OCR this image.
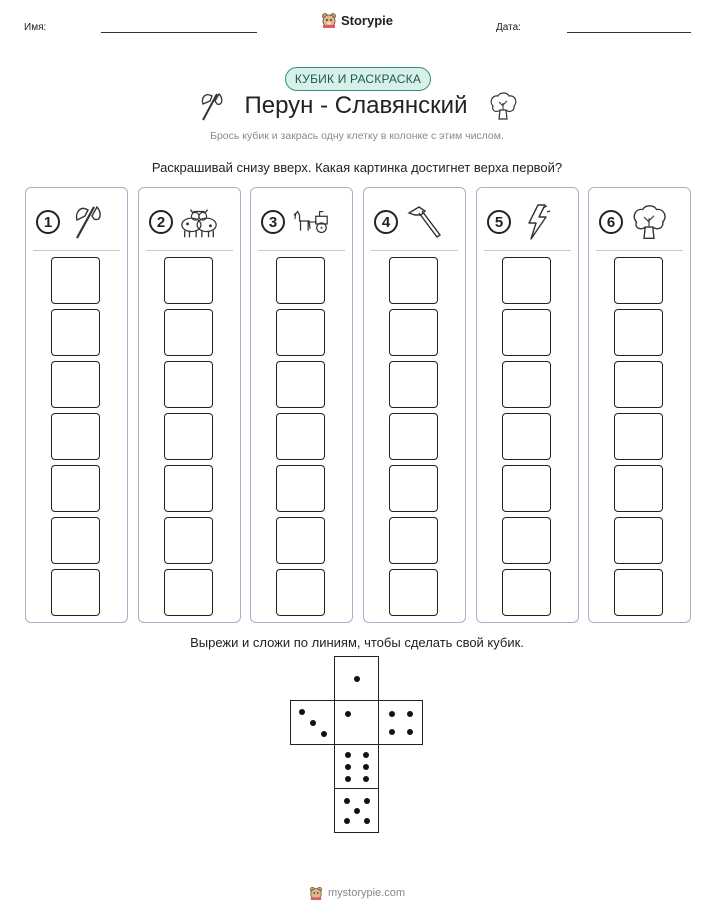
Имя:	Storypie	Дата:
КУБИК И РАСКРАСКА
Перун - Славянский
Брось кубик и закрась одну клетку в колонке с этим числом.
Раскрашивай снизу вверх. Какая картинка достигнет верха первой?
1	2	3	4	5	6
Вырежи и сложи по линиям, чтобы сделать свой кубик.
mystorypie.com
